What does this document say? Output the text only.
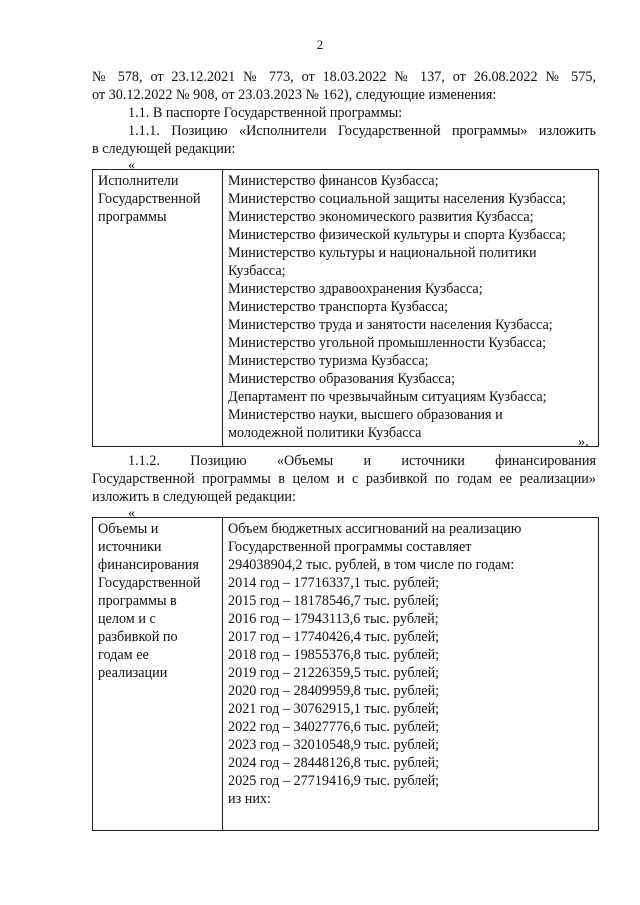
2
№ 578, от 23.12.2021 № 773, от 18.03.2022 № 137, от 26.08.2022 № 575,
от 30.12.2022 № 908, от 23.03.2023 № 162), следующие изменения:
1.1. В паспорте Государственной программы:
1.1.1. Позицию «Исполнители Государственной программы» изложить
в следующей редакции:
«
Исполнители
Государственной
программы

Министерство финансов Кузбасса;
Министерство социальной защиты населения Кузбасса;
Министерство экономического развития Кузбасса;
Министерство физической культуры и спорта Кузбасса;
Министерство культуры и национальной политики
Кузбасса;
Министерство здравоохранения Кузбасса;
Министерство транспорта Кузбасса;
Министерство труда и занятости населения Кузбасса;
Министерство угольной промышленности Кузбасса;
Министерство туризма Кузбасса;
Министерство образования Кузбасса;
Департамент по чрезвычайным ситуациям Кузбасса;
Министерство науки, высшего образования и
молодежной политики Кузбасса
».
1.1.2. Позицию «Объемы и источники финансирования
Государственной программы в целом и с разбивкой по годам ее реализации»
изложить в следующей редакции:
«
Объемы и
источники
финансирования
Государственной
программы в
целом и с
разбивкой по
годам ее
реализации

Объем бюджетных ассигнований на реализацию
Государственной программы составляет
294038904,2 тыс. рублей, в том числе по годам:
2014 год – 17716337,1 тыс. рублей;
2015 год – 18178546,7 тыс. рублей;
2016 год – 17943113,6 тыс. рублей;
2017 год – 17740426,4 тыс. рублей;
2018 год – 19855376,8 тыс. рублей;
2019 год – 21226359,5 тыс. рублей;
2020 год – 28409959,8 тыс. рублей;
2021 год – 30762915,1 тыс. рублей;
2022 год – 34027776,6 тыс. рублей;
2023 год – 32010548,9 тыс. рублей;
2024 год – 28448126,8 тыс. рублей;
2025 год – 27719416,9 тыс. рублей;
из них:
